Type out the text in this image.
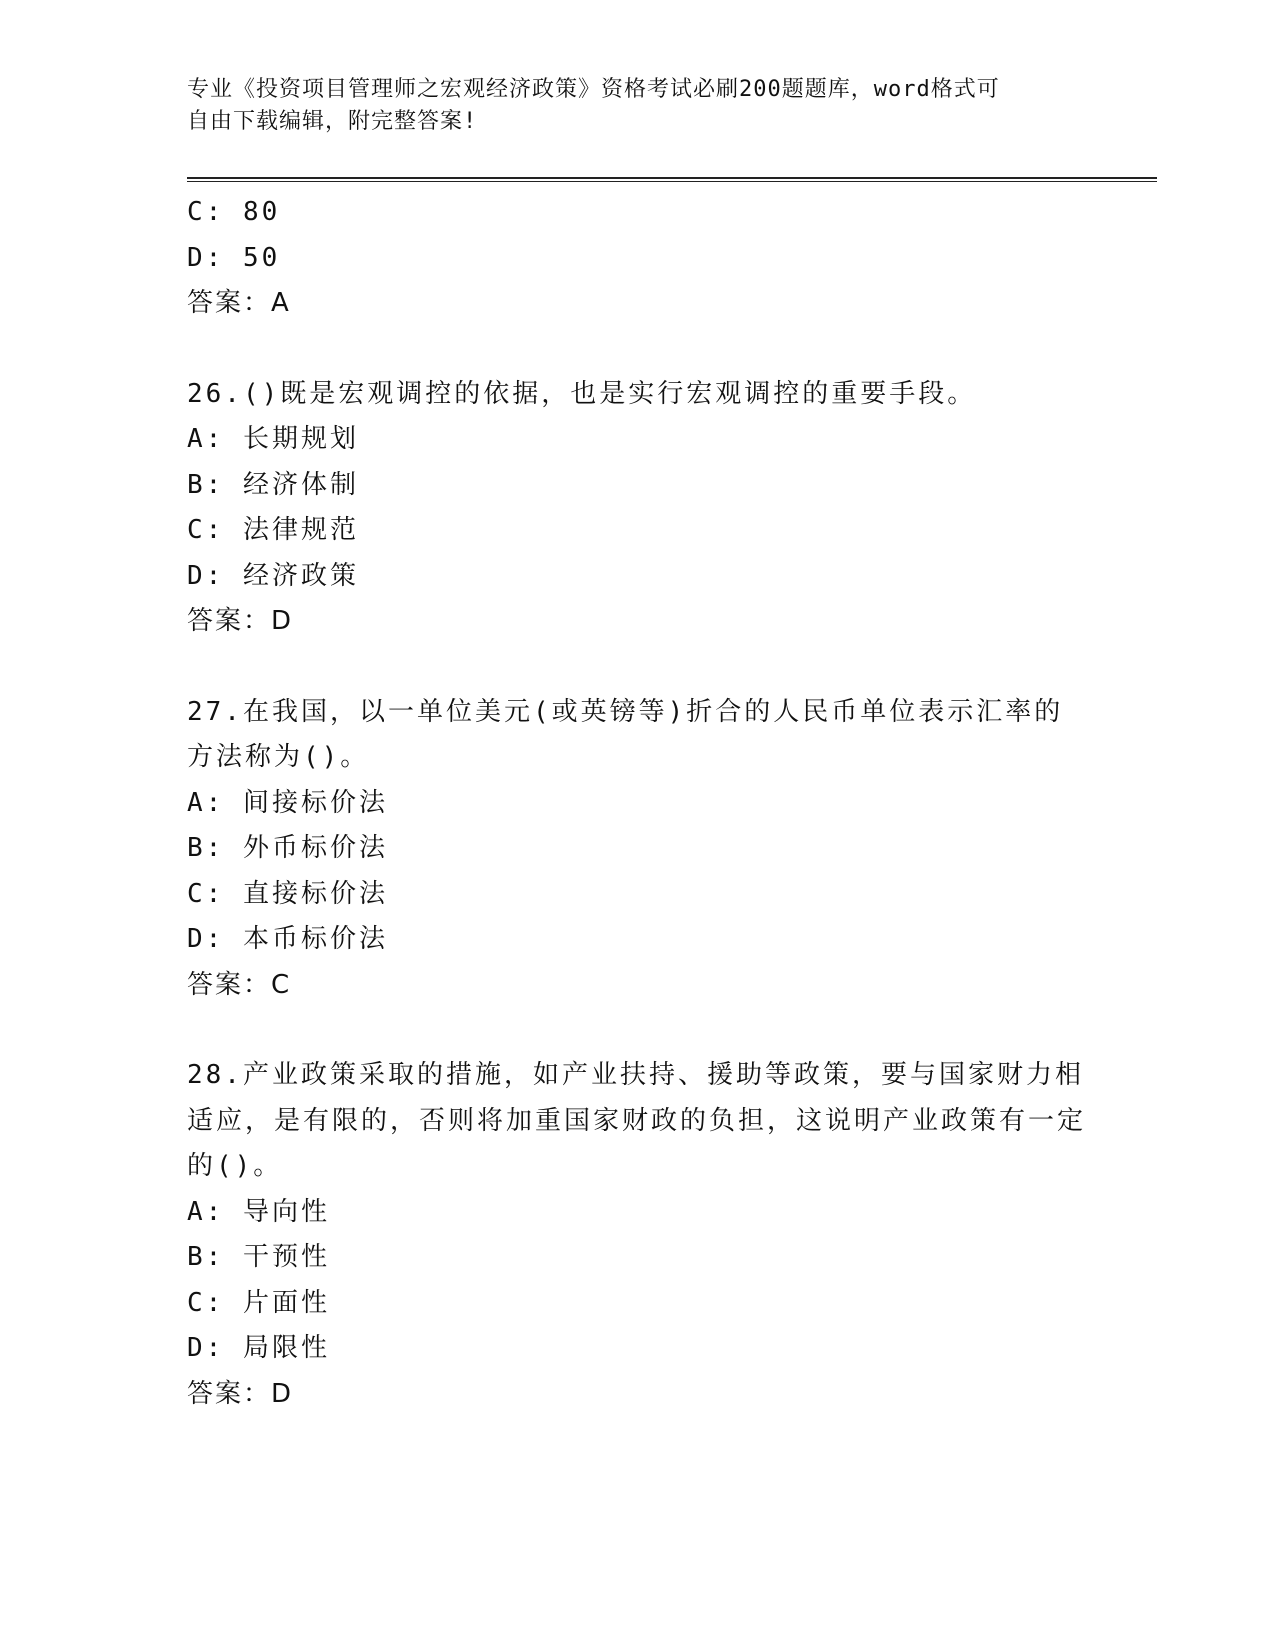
专业《投资项目管理师之宏观经济政策》资格考试必刷200题题库，word格式可
自由下载编辑，附完整答案!
C: 80
D: 50
答案：A
26.()既是宏观调控的依据，也是实行宏观调控的重要手段。
A: 长期规划
B: 经济体制
C: 法律规范
D: 经济政策
答案：D
27.在我国，以一单位美元(或英镑等)折合的人民币单位表示汇率的方法称为()。
A: 间接标价法
B: 外币标价法
C: 直接标价法
D: 本币标价法
答案：C
28.产业政策采取的措施，如产业扶持、援助等政策，要与国家财力相适应，是有限的，否则将加重国家财政的负担，这说明产业政策有一定的()。
A: 导向性
B: 干预性
C: 片面性
D: 局限性
答案：D
